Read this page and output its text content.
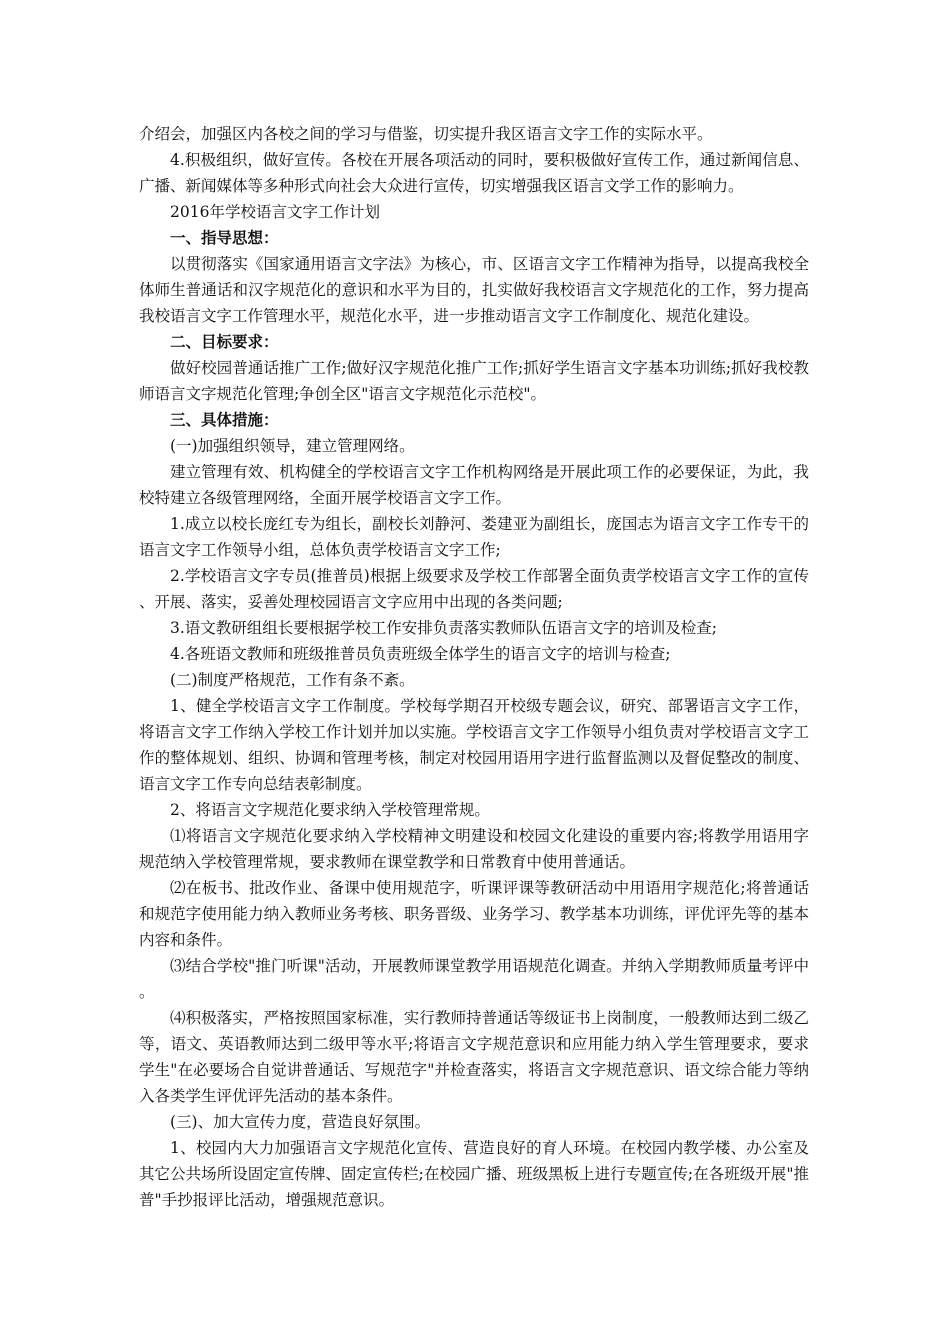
介绍会，加强区内各校之间的学习与借鉴，切实提升我区语言文字工作的实际水平。

4.积极组织，做好宣传。各校在开展各项活动的同时，要积极做好宣传工作，通过新闻信息、广播、新闻媒体等多种形式向社会大众进行宣传，切实增强我区语言文学工作的影响力。

2016年学校语言文字工作计划
一、指导思想：

以贯彻落实《国家通用语言文字法》为核心，市、区语言文字工作精神为指导，以提高我校全体师生普通话和汉字规范化的意识和水平为目的，扎实做好我校语言文字规范化的工作，努力提高我校语言文字工作管理水平，规范化水平，进一步推动语言文字工作制度化、规范化建设。

二、目标要求：

做好校园普通话推广工作;做好汉字规范化推广工作;抓好学生语言文字基本功训练;抓好我校教师语言文字规范化管理;争创全区"语言文字规范化示范校"。

三、具体措施：

(一)加强组织领导，建立管理网络。

建立管理有效、机构健全的学校语言文字工作机构网络是开展此项工作的必要保证，为此，我校特建立各级管理网络，全面开展学校语言文字工作。

1.成立以校长庞红专为组长，副校长刘静河、娄建亚为副组长，庞国志为语言文字工作专干的语言文字工作领导小组，总体负责学校语言文字工作;

2.学校语言文字专员(推普员)根据上级要求及学校工作部署全面负责学校语言文字工作的宣传、开展、落实，妥善处理校园语言文字应用中出现的各类问题;

3.语文教研组组长要根据学校工作安排负责落实教师队伍语言文字的培训及检查;

4.各班语文教师和班级推普员负责班级全体学生的语言文字的培训与检查;

(二)制度严格规范，工作有条不紊。

1、健全学校语言文字工作制度。学校每学期召开校级专题会议，研究、部署语言文字工作，将语言文字工作纳入学校工作计划并加以实施。学校语言文字工作领导小组负责对学校语言文字工作的整体规划、组织、协调和管理考核，制定对校园用语用字进行监督监测以及督促整改的制度、语言文字工作专向总结表彰制度。

2、将语言文字规范化要求纳入学校管理常规。

⑴将语言文字规范化要求纳入学校精神文明建设和校园文化建设的重要内容;将教学用语用字规范纳入学校管理常规，要求教师在课堂教学和日常教育中使用普通话。

⑵在板书、批改作业、备课中使用规范字，听课评课等教研活动中用语用字规范化;将普通话和规范字使用能力纳入教师业务考核、职务晋级、业务学习、教学基本功训练，评优评先等的基本内容和条件。

⑶结合学校"推门听课"活动，开展教师课堂教学用语规范化调查。并纳入学期教师质量考评中。

⑷积极落实，严格按照国家标准，实行教师持普通话等级证书上岗制度，一般教师达到二级乙等，语文、英语教师达到二级甲等水平;将语言文字规范意识和应用能力纳入学生管理要求，要求学生"在必要场合自觉讲普通话、写规范字"并检查落实，将语言文字规范意识、语文综合能力等纳入各类学生评优评先活动的基本条件。

(三)、加大宣传力度，营造良好氛围。

1、校园内大力加强语言文字规范化宣传、营造良好的育人环境。在校园内教学楼、办公室及其它公共场所设固定宣传牌、固定宣传栏;在校园广播、班级黑板上进行专题宣传;在各班级开展"推普"手抄报评比活动，增强规范意识。
